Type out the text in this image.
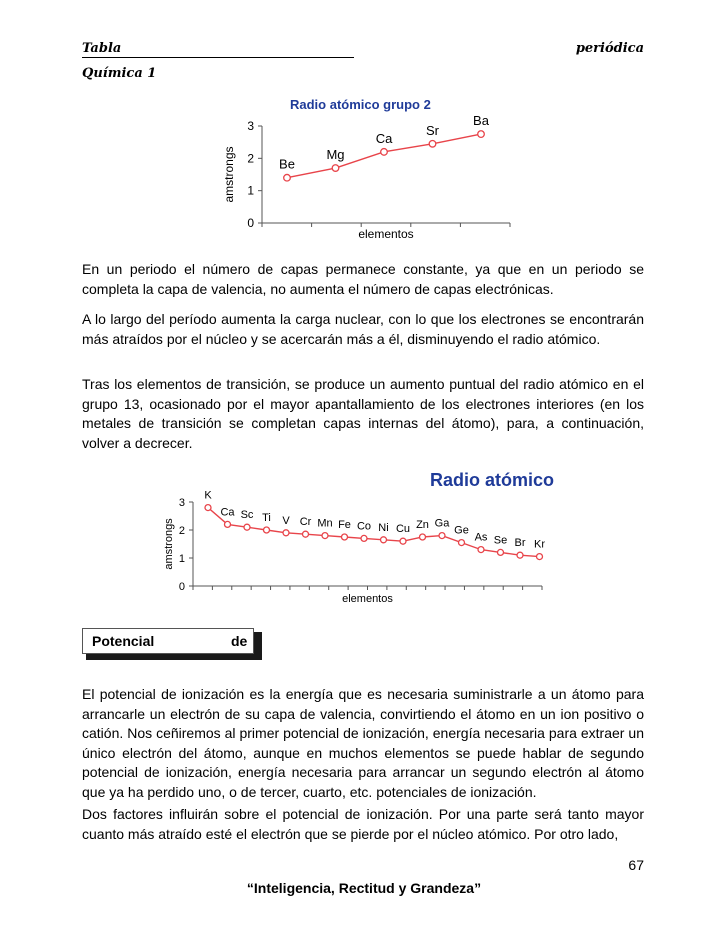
Tabla	periódica
Química 1
Radio atómico grupo 2
0
1
2
3
amstrongs
elementos
Be
Mg
Ca
Sr
Ba

En un periodo el número de capas permanece constante, ya que en un periodo se completa la capa de valencia, no aumenta el número de capas electrónicas.

A lo largo del período aumenta la carga nuclear, con lo que los electrones se encontrarán más atraídos por el núcleo y se acercarán más a él, disminuyendo el radio atómico.

Tras los elementos de transición, se produce un aumento puntual del radio atómico en el grupo 13, ocasionado por el mayor apantallamiento de los electrones interiores (en los metales de transición se completan capas internas del átomo), para, a continuación, volver a decrecer.

Radio atómico
0
1
2
3
amstrongs
elementos
K
Ca Sc Ti V Cr Mn Fe Co Ni Cu Zn Ga
Ge
As Se Br Kr
Potencial	de

El potencial de ionización es la energía que es necesaria suministrarle a un átomo para arrancarle un electrón de su capa de valencia, convirtiendo el átomo en un ion positivo o catión. Nos ceñiremos al primer potencial de ionización, energía necesaria para extraer un único electrón del átomo, aunque en muchos elementos se puede hablar de segundo potencial de ionización, energía necesaria para arrancar un segundo electrón al átomo que ya ha perdido uno, o de tercer, cuarto, etc. potenciales de ionización.

Dos factores influirán sobre el potencial de ionización. Por una parte será tanto mayor cuanto más atraído esté el electrón que se pierde por el núcleo atómico. Por otro lado,

67
“Inteligencia, Rectitud y Grandeza”
